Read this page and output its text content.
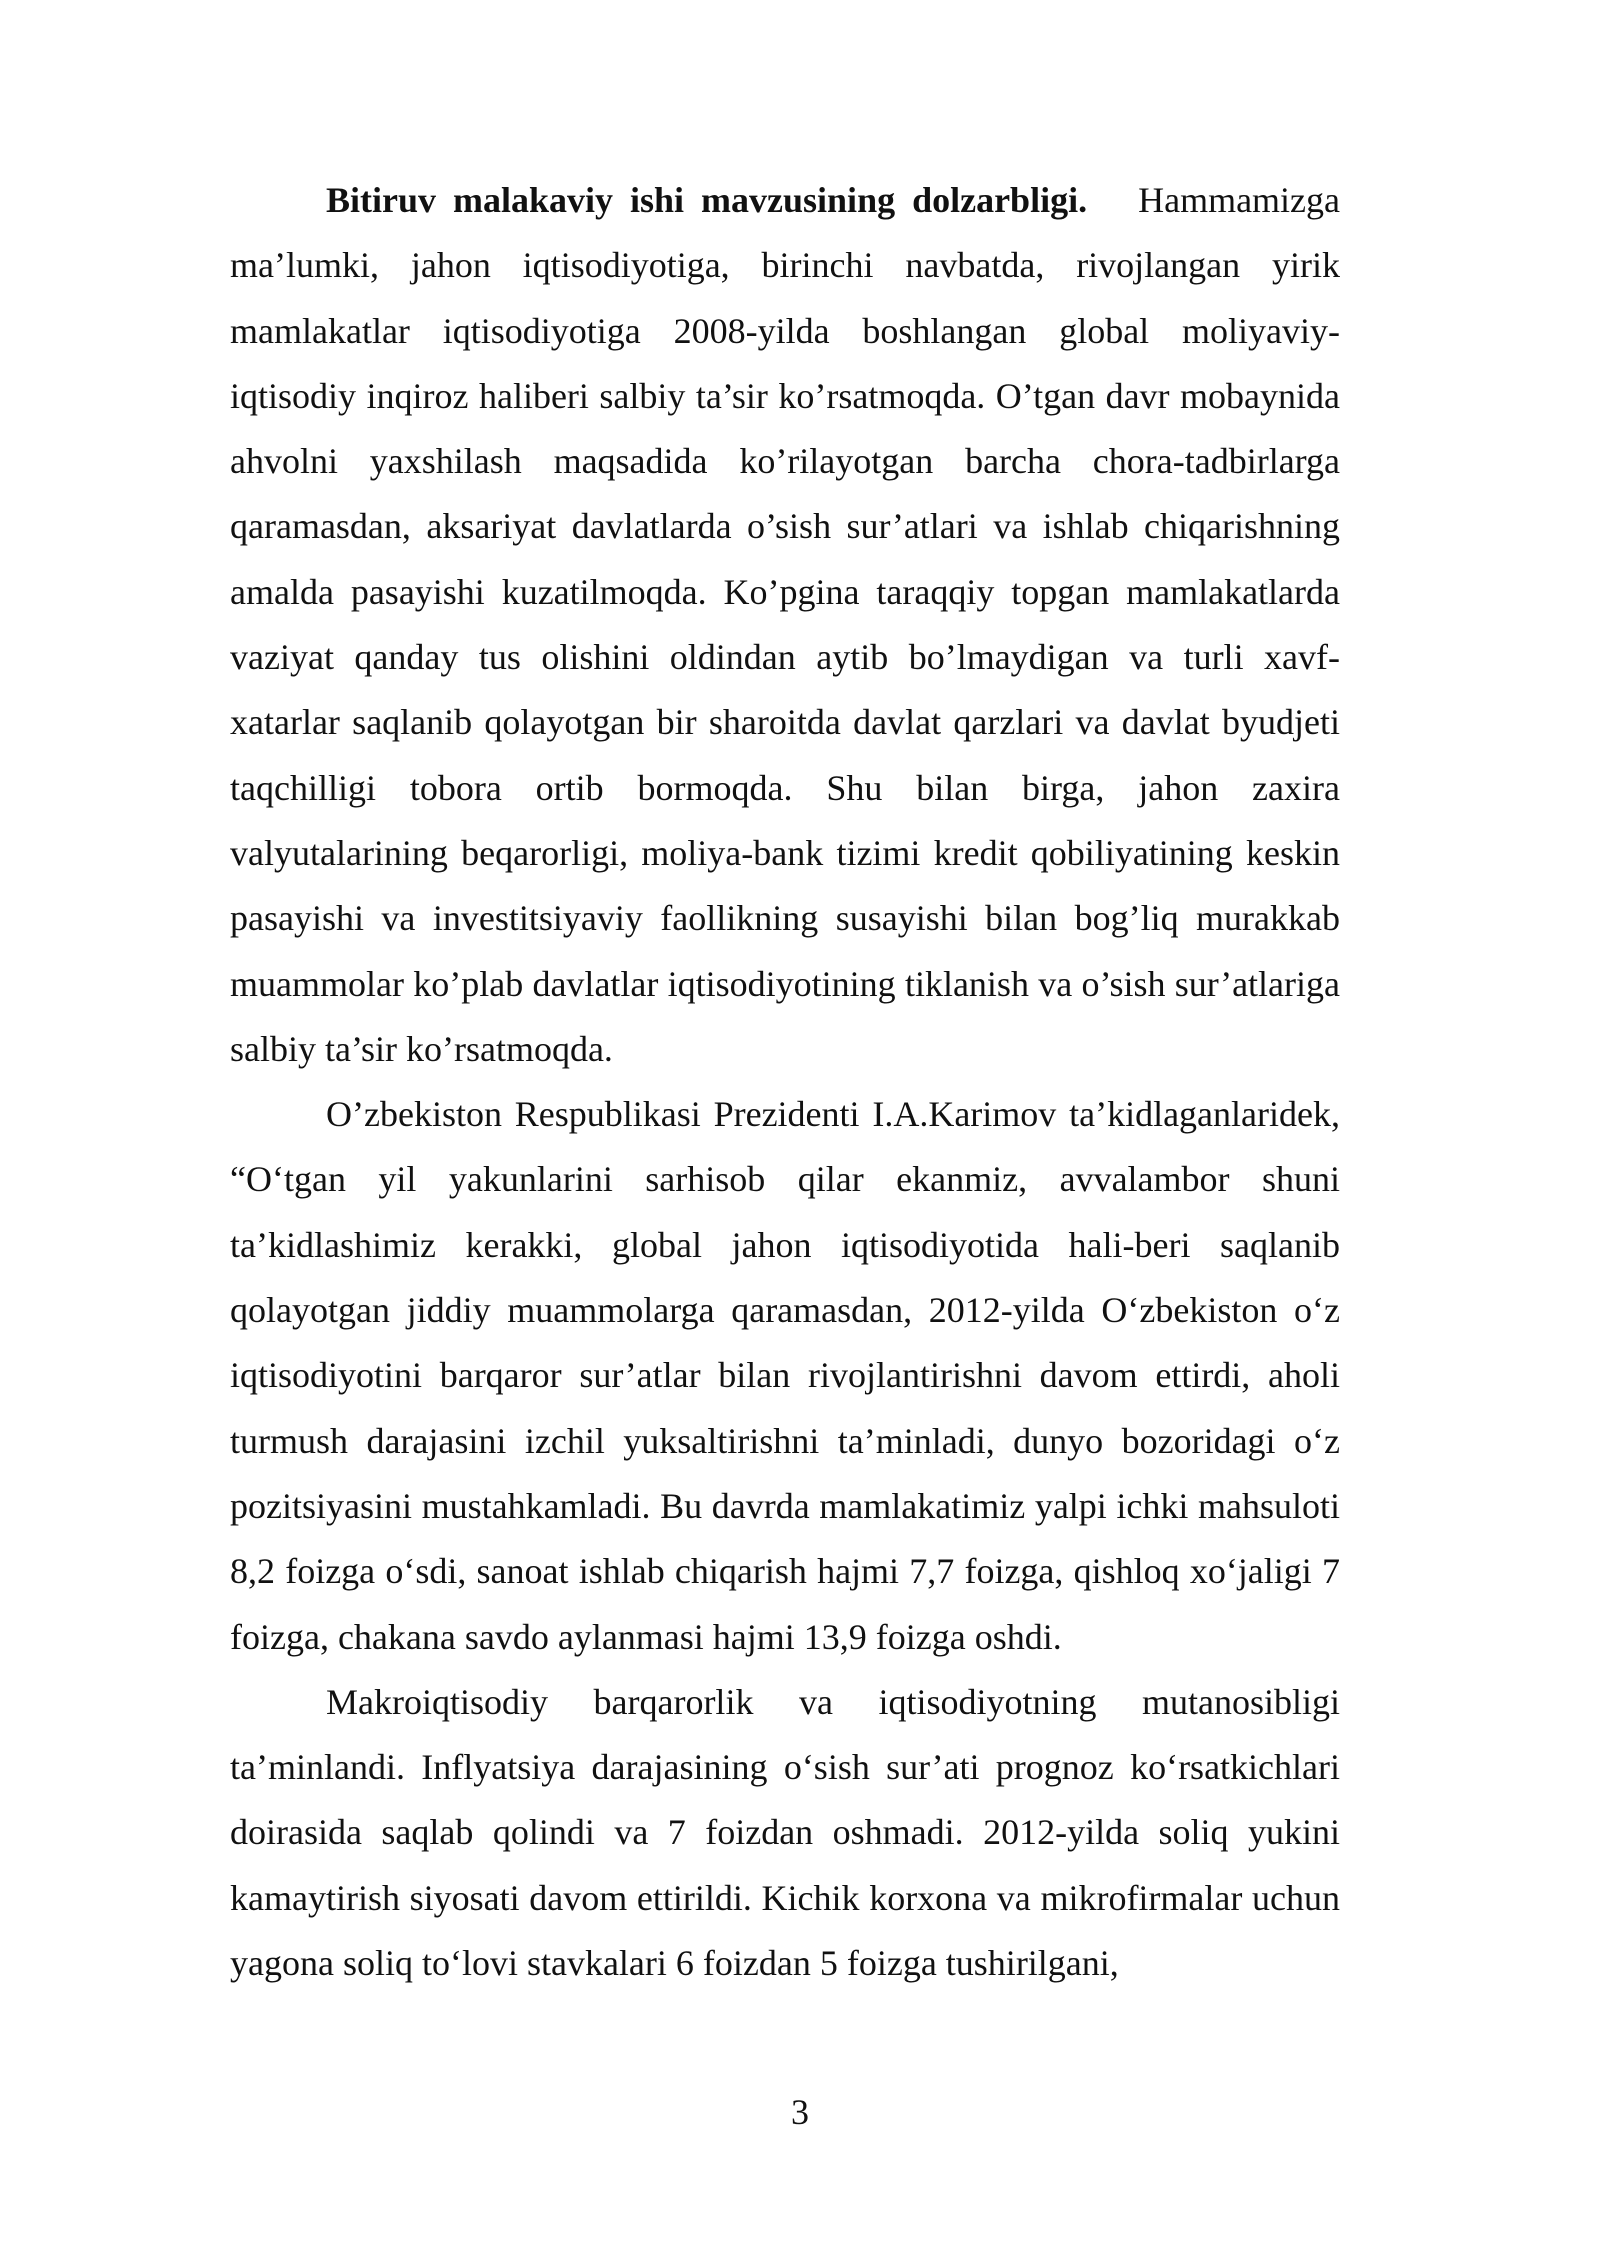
Bitiruv malakaviy ishi mavzusining dolzarbligi. Hammamizga ma’lumki, jahon iqtisodiyotiga, birinchi navbatda, rivojlangan yirik mamlakatlar iqtisodiyotiga 2008-yilda boshlangan global moliyaviy-iqtisodiy inqiroz haliberi salbiy ta’sir ko’rsatmoqda. O’tgan davr mobaynida ahvolni yaxshilash maqsadida ko’rilayotgan barcha chora-tadbirlarga qaramasdan, aksariyat davlatlarda o’sish sur’atlari va ishlab chiqarishning amalda pasayishi kuzatilmoqda. Ko’pgina taraqqiy topgan mamlakatlarda vaziyat qanday tus olishini oldindan aytib bo’lmaydigan va turli xavf-xatarlar saqlanib qolayotgan bir sharoitda davlat qarzlari va davlat byudjeti taqchilligi tobora ortib bormoqda. Shu bilan birga, jahon zaxira valyutalarining beqarorligi, moliya-bank tizimi kredit qobiliyatining keskin pasayishi va investitsiyaviy faollikning susayishi bilan bog’liq murakkab muammolar ko’plab davlatlar iqtisodiyotining tiklanish va o’sish sur’atlariga salbiy ta’sir ko’rsatmoqda.

O’zbekiston Respublikasi Prezidenti I.A.Karimov ta’kidlaganlaridek, “O‘tgan yil yakunlarini sarhisob qilar ekanmiz, avvalambor shuni ta’kidlashimiz kerakki, global jahon iqtisodiyotida hali-beri saqlanib qolayotgan jiddiy muammolarga qaramasdan, 2012-yilda O‘zbekiston o‘z iqtisodiyotini barqaror sur’atlar bilan rivojlantirishni davom ettirdi, aholi turmush darajasini izchil yuksaltirishni ta’minladi, dunyo bozoridagi o‘z pozitsiyasini mustahkamladi. Bu davrda mamlakatimiz yalpi ichki mahsuloti 8,2 foizga o‘sdi, sanoat ishlab chiqarish hajmi 7,7 foizga, qishloq xo‘jaligi 7 foizga, chakana savdo aylanmasi hajmi 13,9 foizga oshdi.

Makroiqtisodiy barqarorlik va iqtisodiyotning mutanosibligi ta’minlandi. Inflyatsiya darajasining o‘sish sur’ati prognoz ko‘rsatkichlari doirasida saqlab qolindi va 7 foizdan oshmadi. 2012-yilda soliq yukini kamaytirish siyosati davom ettirildi. Kichik korxona va mikrofirmalar uchun yagona soliq to‘lovi stavkalari 6 foizdan 5 foizga tushirilgani,

3
